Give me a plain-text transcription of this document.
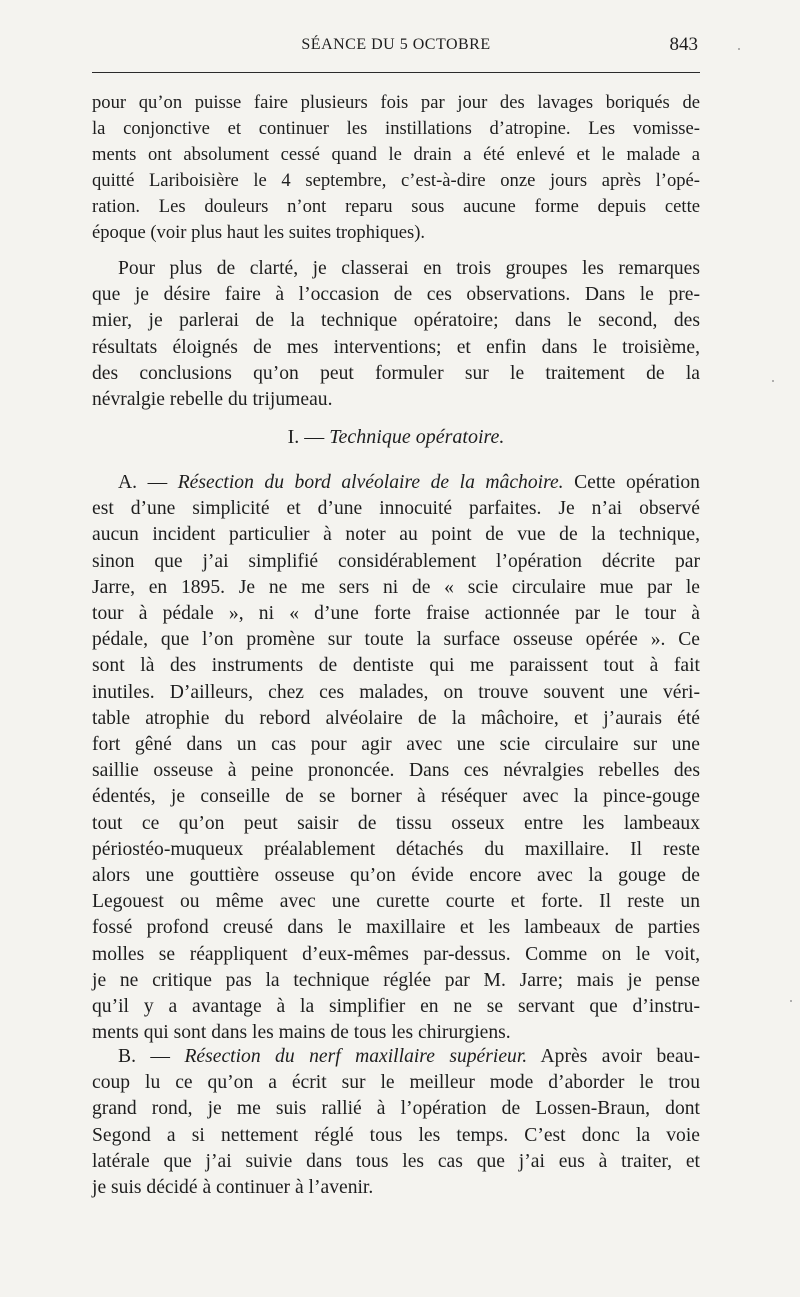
SÉANCE DU 5 OCTOBRE	843
pour qu’on puisse faire plusieurs fois par jour des lavages boriqués de
la conjonctive et continuer les instillations d’atropine. Les vomisse-
ments ont absolument cessé quand le drain a été enlevé et le malade a
quitté Lariboisière le 4 septembre, c’est-à-dire onze jours après l’opé-
ration. Les douleurs n’ont reparu sous aucune forme depuis cette
époque (voir plus haut les suites trophiques).
Pour plus de clarté, je classerai en trois groupes les remarques
que je désire faire à l’occasion de ces observations. Dans le pre-
mier, je parlerai de la technique opératoire; dans le second, des
résultats éloignés de mes interventions; et enfin dans le troisième,
des conclusions qu’on peut formuler sur le traitement de la
névralgie rebelle du trijumeau.
I. — Technique opératoire.
A. — Résection du bord alvéolaire de la mâchoire. Cette opération
est d’une simplicité et d’une innocuité parfaites. Je n’ai observé
aucun incident particulier à noter au point de vue de la technique,
sinon que j’ai simplifié considérablement l’opération décrite par
Jarre, en 1895. Je ne me sers ni de « scie circulaire mue par le
tour à pédale », ni « d’une forte fraise actionnée par le tour à
pédale, que l’on promène sur toute la surface osseuse opérée ». Ce
sont là des instruments de dentiste qui me paraissent tout à fait
inutiles. D’ailleurs, chez ces malades, on trouve souvent une véri-
table atrophie du rebord alvéolaire de la mâchoire, et j’aurais été
fort gêné dans un cas pour agir avec une scie circulaire sur une
saillie osseuse à peine prononcée. Dans ces névralgies rebelles des
édentés, je conseille de se borner à réséquer avec la pince-gouge
tout ce qu’on peut saisir de tissu osseux entre les lambeaux
périostéo-muqueux préalablement détachés du maxillaire. Il reste
alors une gouttière osseuse qu’on évide encore avec la gouge de
Legouest ou même avec une curette courte et forte. Il reste un
fossé profond creusé dans le maxillaire et les lambeaux de parties
molles se réappliquent d’eux-mêmes par-dessus. Comme on le voit,
je ne critique pas la technique réglée par M. Jarre; mais je pense
qu’il y a avantage à la simplifier en ne se servant que d’instru-
ments qui sont dans les mains de tous les chirurgiens.
B. — Résection du nerf maxillaire supérieur. Après avoir beau-
coup lu ce qu’on a écrit sur le meilleur mode d’aborder le trou
grand rond, je me suis rallié à l’opération de Lossen-Braun, dont
Segond a si nettement réglé tous les temps. C’est donc la voie
latérale que j’ai suivie dans tous les cas que j’ai eus à traiter, et
je suis décidé à continuer à l’avenir.
